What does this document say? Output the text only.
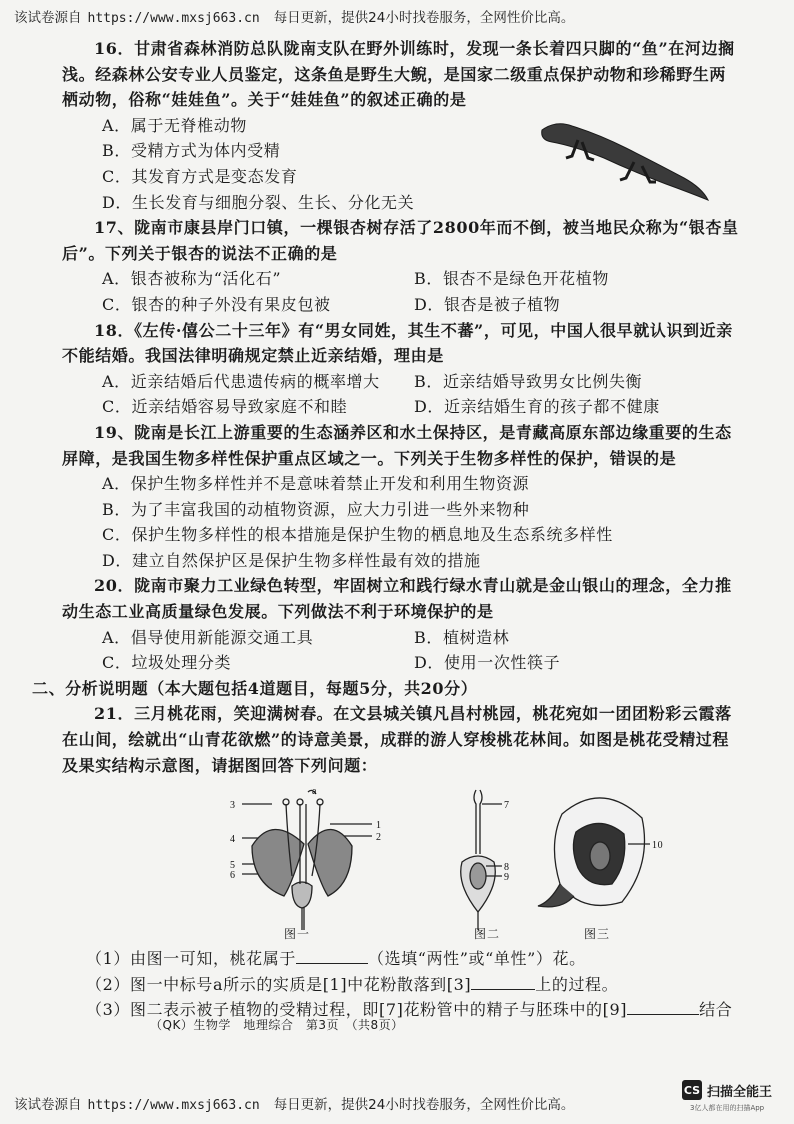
该试卷源自 https://www.mxsj663.cn 每日更新，提供24小时找卷服务，全网性价比高。

16．甘肃省森林消防总队陇南支队在野外训练时，发现一条长着四只脚的“鱼”在河边搁

浅。经森林公安专业人员鉴定，这条鱼是野生大鲵，是国家二级重点保护动物和珍稀野生两

栖动物，俗称“娃娃鱼”。关于“娃娃鱼”的叙述正确的是

A．属于无脊椎动物

B．受精方式为体内受精

C．其发育方式是变态发育

D．生长发育与细胞分裂、生长、分化无关

17、陇南市康县岸门口镇，一棵银杏树存活了2800年而不倒，被当地民众称为“银杏皇

后”。下列关于银杏的说法不正确的是

A．银杏被称为“活化石”	B．银杏不是绿色开花植物
C．银杏的种子外没有果皮包被	D．银杏是被子植物

18．《左传·僖公二十三年》有“男女同姓，其生不蕃”，可见，中国人很早就认识到近亲

不能结婚。我国法律明确规定禁止近亲结婚，理由是

A．近亲结婚后代患遗传病的概率增大	B．近亲结婚导致男女比例失衡
C．近亲结婚容易导致家庭不和睦	D．近亲结婚生育的孩子都不健康

19、陇南是长江上游重要的生态涵养区和水土保持区，是青藏高原东部边缘重要的生态

屏障，是我国生物多样性保护重点区域之一。下列关于生物多样性的保护，错误的是

A．保护生物多样性并不是意味着禁止开发和利用生物资源

B．为了丰富我国的动植物资源，应大力引进一些外来物种

C．保护生物多样性的根本措施是保护生物的栖息地及生态系统多样性

D．建立自然保护区是保护生物多样性最有效的措施

20．陇南市聚力工业绿色转型，牢固树立和践行绿水青山就是金山银山的理念，全力推

动生态工业高质量绿色发展。下列做法不利于环境保护的是

A．倡导使用新能源交通工具	B．植树造林
C．垃圾处理分类	D．使用一次性筷子

二、分析说明题（本大题包括4道题目，每题5分，共20分）

21．三月桃花雨，笑迎满树春。在文县城关镇凡昌村桃园，桃花宛如一团团粉彩云霞落

在山间，绘就出“山青花欲燃”的诗意美景，成群的游人穿梭桃花林间。如图是桃花受精过程

及果实结构示意图，请据图回答下列问题：

3
a
1
4	2
5
6
图一
7
8
9
图二
10
图三

（1）由图一可知，桃花属于	（选填“两性”或“单性”）花。

（2）图一中标号a所示的实质是[1]中花粉散落到[3]	上的过程。

（3）图二表示被子植物的受精过程，即[7]花粉管中的精子与胚珠中的[9]	结合

（QK）生物学　地理综合　第3页　（共8页）
该试卷源自 https://www.mxsj663.cn 每日更新，提供24小时找卷服务，全网性价比高。
CS 扫描全能王
3亿人都在用的扫描App
